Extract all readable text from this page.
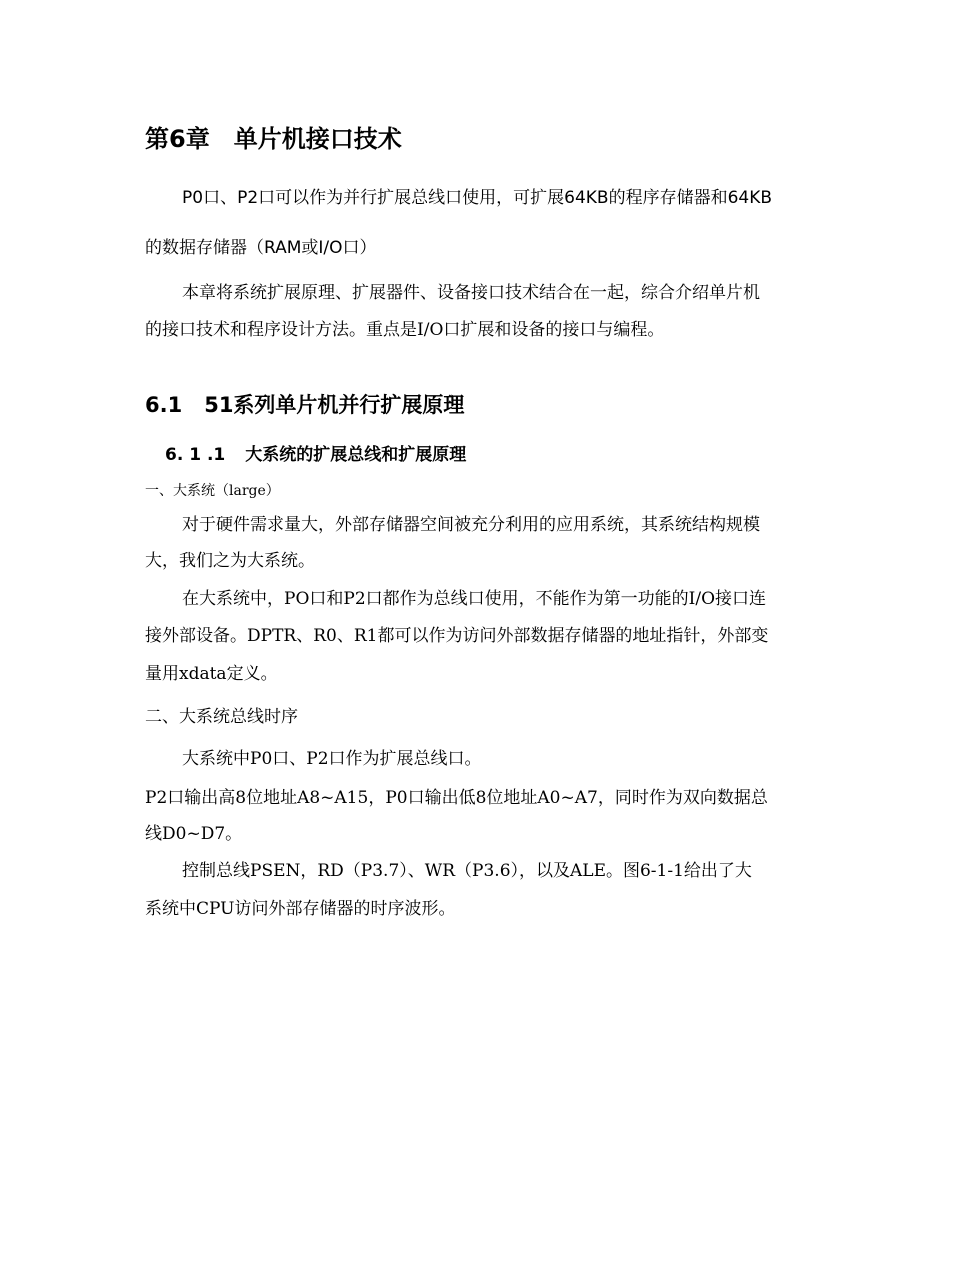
第6章 单片机接口技术
P0口、P2口可以作为并行扩展总线口使用，可扩展64KB的程序存储器和64KB
的数据存储器（RAM或I/O口）
本章将系统扩展原理、扩展器件、设备接口技术结合在一起，综合介绍单片机
的接口技术和程序设计方法。重点是I/O口扩展和设备的接口与编程。
6.1 51系列单片机并行扩展原理
6. 1 .1 大系统的扩展总线和扩展原理
一、大系统（large）
对于硬件需求量大，外部存储器空间被充分利用的应用系统，其系统结构规模
大，我们之为大系统。
在大系统中，PO口和P2口都作为总线口使用，不能作为第一功能的I/O接口连
接外部设备。DPTR、R0、R1都可以作为访问外部数据存储器的地址指针，外部变
量用xdata定义。
二、大系统总线时序
大系统中P0口、P2口作为扩展总线口。
P2口输出高8位地址A8~A15，P0口输出低8位地址A0~A7，同时作为双向数据总
线D0~D7。
控制总线PSEN，RD（P3.7）、WR（P3.6），以及ALE。图6-1-1给出了大
系统中CPU访问外部存储器的时序波形。
